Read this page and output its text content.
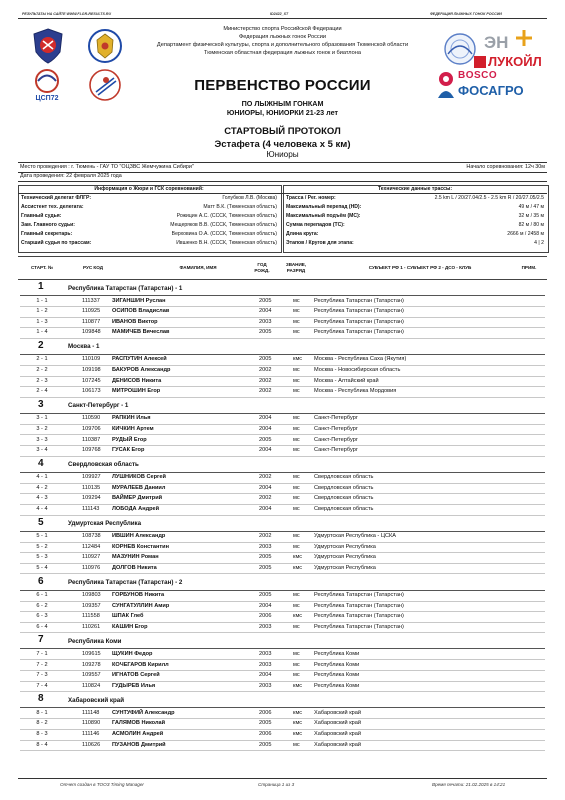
РЕЗУЛЬТАТЫ НА САЙТЕ WWW.FLGR-RESULTS.RU	ID2422_ST	ФЕДЕРАЦИЯ ЛЫЖНЫХ ГОНОК РОССИИ
ЦСП72
ЭН
ЛУКОЙЛ
BOSCO
ФОСАГРО
Министерство спорта Российской Федерации
Федерация лыжных гонок России
Департамент физической культуры, спорта и дополнительного образования Тюменской области
Тюменская областная федерация лыжных гонок и биатлона
ПЕРВЕНСТВО РОССИИ
ПО ЛЫЖНЫМ ГОНКАМ
ЮНИОРЫ, ЮНИОРКИ 21-23 лет
СТАРТОВЫЙ ПРОТОКОЛ
Эстафета (4 человека х 5 км)
Юниоры
Место проведения : г. Тюмень - ГАУ ТО "ОЦЗВС Жемчужина Сибири"	Начало соревнования: 12ч 30м
Дата проведения: 22 февраля 2025 года
Информация о Жюри и ГСК соревнований:	Технические данные трассы:
Технический делегат ФЛГР:	Голубков Л.В. (Москва)
Ассистент тех. делегата:	Матт В.К. (Тюменская область)
Главный судья:	Рожицин А.С. (СССК, Тюменская область)
Зам. Главного судьи:	Мещеряков В.В. (СССК, Тюменская область)
Главный секретарь:	Верховина О.А. (СССК, Тюменская область)
Старший судья по трассам:	Ившенко В.Н. (СССК, Тюменская область)
Трасса / Рег. номер:	2.5 km L / 20/27.04/2.5 - 2.5 km R / 20/27.05/2.5
Максимальный перепад (HD):	49 м / 47 м
Максимальный подъём (MC):	32 м / 35 м
Сумма перепадов (TC):	82 м / 80 м
Длина круга:	2666 м / 2458 м
Этапов / Кругов для этапа:	4 | 2
СТАРТ. №	РУС КОД	ФАМИЛИЯ, ИМЯ
ГОД РОЖД.
ЗВАНИЕ, РАЗРЯД
СУБЪЕКТ РФ 1 - СУБЪЕКТ РФ 2 - ДСО - КЛУБ	ПРИМ.
1	Республика Татарстан (Татарстан) - 1
1 - 1	111337 ЗИГАНШИН Руслан	2005	мс	Республика Татарстан (Татарстан)
1 - 2	110925 ОСИПОВ Владислав	2004	мс	Республика Татарстан (Татарстан)
1 - 3	110877 ИВАНОВ Виктор	2003	мс	Республика Татарстан (Татарстан)
1 - 4	109848 МАМИЧЕВ Вячеслав	2005	мс	Республика Татарстан (Татарстан)
2	Москва - 1
2 - 1	110109 РАСПУТИН Алексей	2005	кмс Москва - Республика Саха (Якутия)
2 - 2	109198 БАКУРОВ Александр	2002	мс	Москва - Новосибирская область
2 - 3	107245 ДЕНИСОВ Никита	2002	мс	Москва - Алтайский край
2 - 4	106173 МИТРОШИН Егор	2002	мс	Москва - Республика Мордовия
3	Санкт-Петербург - 1
3 - 1	110590 РАПКИН Илья	2004	мс	Санкт-Петербург
3 - 2	109706 КИЧКИН Артем	2004	мс	Санкт-Петербург
3 - 3	110387 РУДЫЙ Егор	2005	мс	Санкт-Петербург
3 - 4	109768 ГУСАК Егор	2004	мс	Санкт-Петербург
4	Свердловская область
4 - 1	109927 ЛУШНИКОВ Сергей	2002	мс	Свердловская область
4 - 2	110135 МУРАЛЕЕВ Даниил	2004	мс	Свердловская область
4 - 3	109294 ВАЙМЕР Дмитрий	2002	мс	Свердловская область
4 - 4	111143 ЛОБОДА Андрей	2004	мс	Свердловская область
5	Удмуртская Республика
5 - 1	108738 ИВШИН Александр	2002	мс	Удмуртская Республика - ЦСКА
5 - 2	112484 КОРНЕВ Константин	2003	мс	Удмуртская Республика
5 - 3	110927 МАЗУНИН Роман	2005	кмс Удмуртская Республика
5 - 4	110976 ДОЛГОВ Никита	2005	кмс Удмуртская Республика
6	Республика Татарстан (Татарстан) - 2
6 - 1	109803 ГОРБУНОВ Никита	2005	мс	Республика Татарстан (Татарстан)
6 - 2	109357 СУНГАТУЛЛИН Амир	2004	мс	Республика Татарстан (Татарстан)
6 - 3	111558 ШПАК Глеб	2006	кмс Республика Татарстан (Татарстан)
6 - 4	110261 КАШИН Егор	2003	мс	Республика Татарстан (Татарстан)
7	Республика Коми
7 - 1	109615 ЩУКИН Федор	2003	мс	Республика Коми
7 - 2	109278 КОЧЕГАРОВ Кирилл	2003	мс	Республика Коми
7 - 3	109557 ИГНАТОВ Сергей	2004	мс	Республика Коми
7 - 4	110824 ГУДЫРЕВ Илья	2003	кмс Республика Коми
8	Хабаровский край
8 - 1	111148 СУНТУФИЙ Александр	2006	кмс Хабаровский край
8 - 2	110890 ГАЛЯМОВ Николай	2005	кмс Хабаровский край
8 - 3	111146 АСМОЛИН Андрей	2006	кмс Хабаровский край
8 - 4	110626 ПУЗАНОВ Дмитрий	2005	мс	Хабаровский край
Отчет создан в ТООЗ Timing Manager	Страница 1 из 3	Время печати: 21.02.2025 в 14:21
